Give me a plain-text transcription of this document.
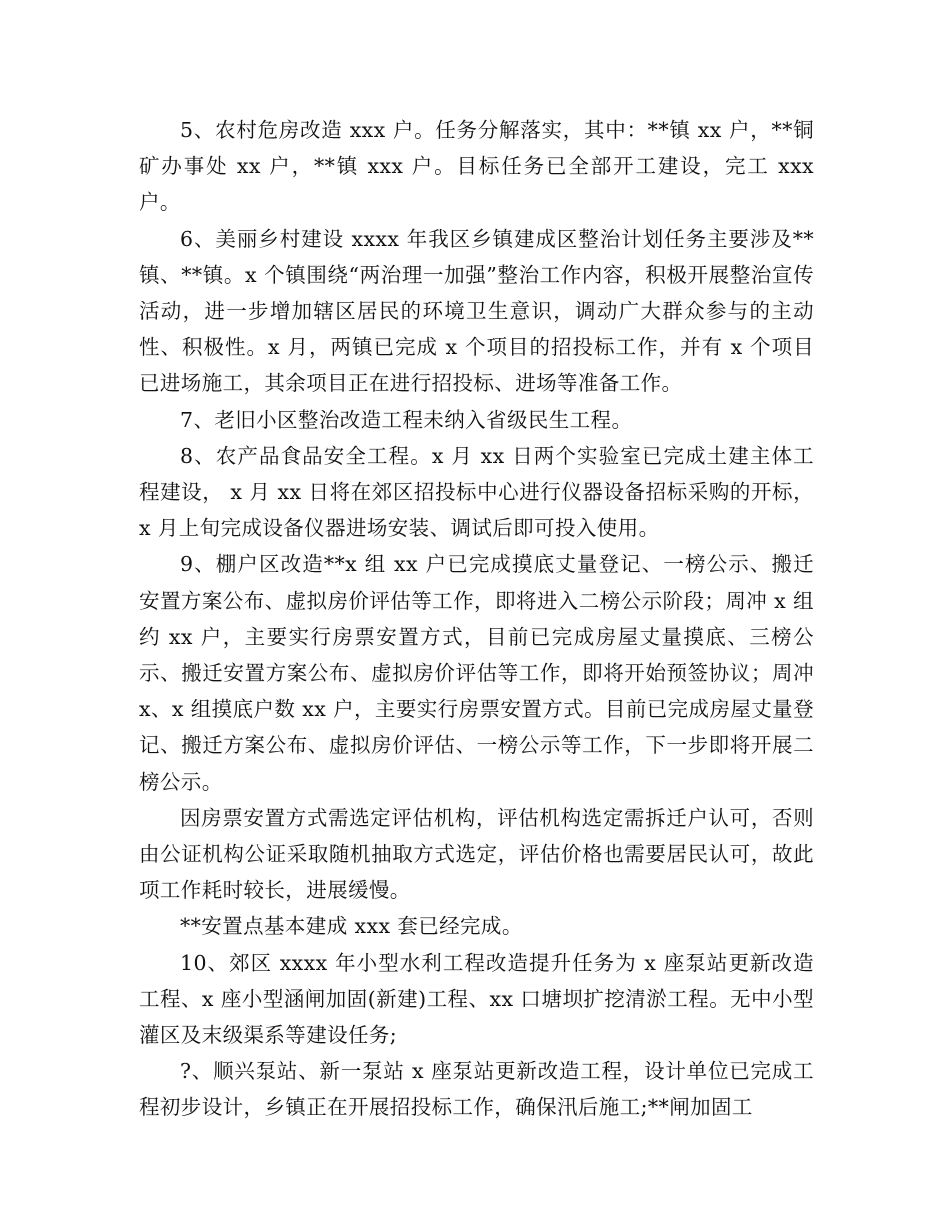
5、农村危房改造 xxx 户。任务分解落实，其中：**镇 xx 户，**铜矿办事处 xx 户，**镇 xxx 户。目标任务已全部开工建设，完工 xxx 户。

6、美丽乡村建设 xxxx 年我区乡镇建成区整治计划任务主要涉及**镇、**镇。x 个镇围绕“两治理一加强”整治工作内容，积极开展整治宣传活动，进一步增加辖区居民的环境卫生意识，调动广大群众参与的主动性、积极性。x 月，两镇已完成 x 个项目的招投标工作，并有 x 个项目已进场施工，其余项目正在进行招投标、进场等准备工作。

7、老旧小区整治改造工程未纳入省级民生工程。

8、农产品食品安全工程。x 月 xx 日两个实验室已完成土建主体工程建设， x 月 xx 日将在郊区招投标中心进行仪器设备招标采购的开标， x 月上旬完成设备仪器进场安装、调试后即可投入使用。

9、棚户区改造**x 组 xx 户已完成摸底丈量登记、一榜公示、搬迁安置方案公布、虚拟房价评估等工作，即将进入二榜公示阶段；周冲 x 组约 xx 户，主要实行房票安置方式，目前已完成房屋丈量摸底、三榜公示、搬迁安置方案公布、虚拟房价评估等工作，即将开始预签协议；周冲 x、x 组摸底户数 xx 户，主要实行房票安置方式。目前已完成房屋丈量登记、搬迁方案公布、虚拟房价评估、一榜公示等工作，下一步即将开展二榜公示。

因房票安置方式需选定评估机构，评估机构选定需拆迁户认可，否则由公证机构公证采取随机抽取方式选定，评估价格也需要居民认可，故此项工作耗时较长，进展缓慢。

**安置点基本建成 xxx 套已经完成。

10、郊区 xxxx 年小型水利工程改造提升任务为 x 座泵站更新改造工程、x 座小型涵闸加固(新建)工程、xx 口塘坝扩挖清淤工程。无中小型灌区及末级渠系等建设任务;

?、顺兴泵站、新一泵站 x 座泵站更新改造工程，设计单位已完成工程初步设计，乡镇正在开展招投标工作，确保汛后施工;**闸加固工
